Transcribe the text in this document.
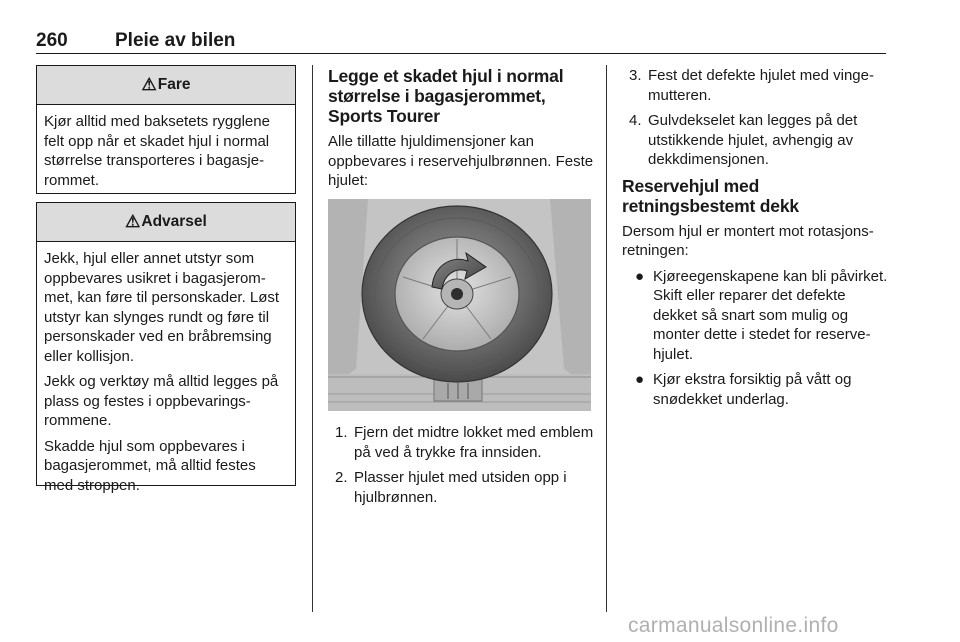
260 Pleie av bilen
⚠ Fare

Kjør alltid med baksetets rygglene felt opp når et skadet hjul i normal størrelse transporteres i bagasjerommet.

⚠ Advarsel

Jekk, hjul eller annet utstyr som oppbevares usikret i bagasjerommet, kan føre til personskader. Løst utstyr kan slynges rundt og føre til personskader ved en bråbremsing eller kollisjon.

Jekk og verktøy må alltid legges på plass og festes i oppbevaringsrommene.

Skadde hjul som oppbevares i bagasjerommet, må alltid festes med stroppen.

Legge et skadet hjul i normal størrelse i bagasjerommet, Sports Tourer
Alle tillatte hjuldimensjoner kan oppbevares i reservehjulbrønnen. Feste hjulet:
1. Fjern det midtre lokket med emblem på ved å trykke fra innsiden.
2. Plasser hjulet med utsiden opp i hjulbrønnen.
3. Fest det defekte hjulet med vingemutteren.
4. Gulvdekselet kan legges på det utstikkende hjulet, avhengig av dekkdimensjonen.
Reservehjul med retningsbestemt dekk
Dersom hjul er montert mot rotasjonsretningen:
● Kjøreegenskapene kan bli påvirket. Skift eller reparer det defekte dekket så snart som mulig og monter dette i stedet for reservehjulet.
● Kjør ekstra forsiktig på vått og snødekket underlag.
carmanualsonline.info
